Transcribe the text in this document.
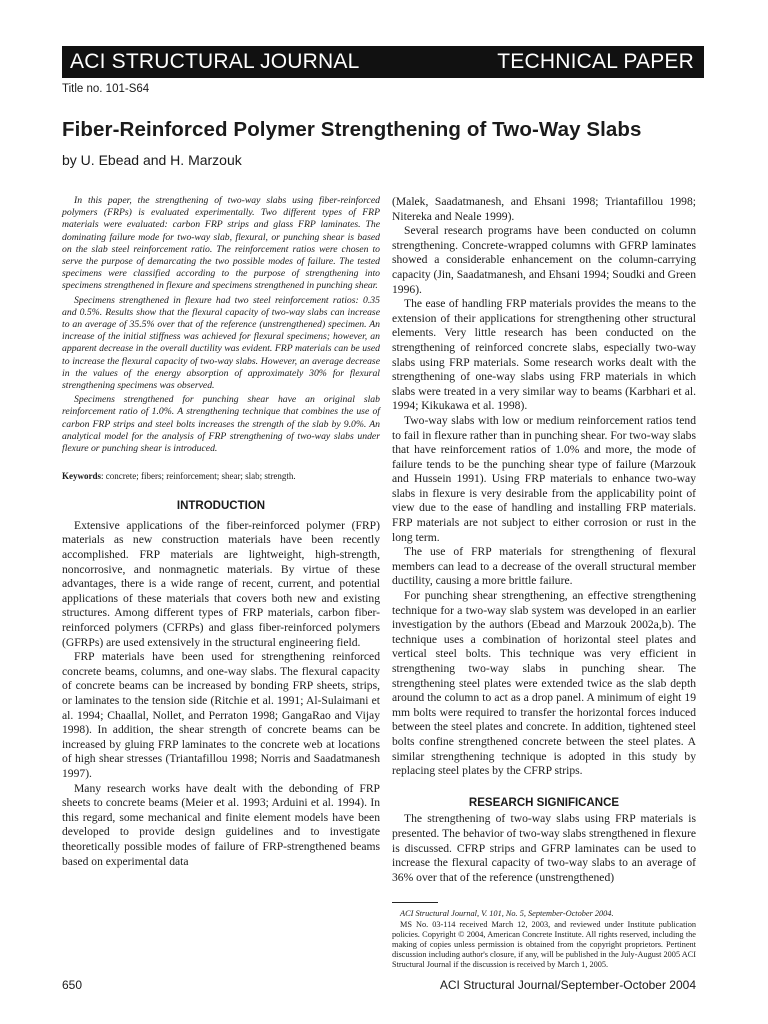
ACI STRUCTURAL JOURNAL	TECHNICAL PAPER
Title no. 101-S64
Fiber-Reinforced Polymer Strengthening of Two-Way Slabs
by U. Ebead and H. Marzouk

In this paper, the strengthening of two-way slabs using fiber-reinforced polymers (FRPs) is evaluated experimentally. Two different types of FRP materials were evaluated: carbon FRP strips and glass FRP laminates. The dominating failure mode for two-way slab, flexural, or punching shear is based on the slab steel reinforcement ratio. The reinforcement ratios were chosen to serve the purpose of demarcating the two possible modes of failure. The tested specimens were classified according to the purpose of strengthening into specimens strengthened in flexure and specimens strengthened in punching shear.

Specimens strengthened in flexure had two steel reinforcement ratios: 0.35 and 0.5%. Results show that the flexural capacity of two-way slabs can increase to an average of 35.5% over that of the reference (unstrengthened) specimen. An increase of the initial stiffness was achieved for flexural specimens; however, an apparent decrease in the overall ductility was evident. FRP materials can be used to increase the flexural capacity of two-way slabs. However, an average decrease in the values of the energy absorption of approximately 30% for flexural strengthening specimens was observed.

Specimens strengthened for punching shear have an original slab reinforcement ratio of 1.0%. A strengthening technique that combines the use of carbon FRP strips and steel bolts increases the strength of the slab by 9.0%. An analytical model for the analysis of FRP strengthening of two-way slabs under flexure or punching shear is introduced.

Keywords: concrete; fibers; reinforcement; shear; slab; strength.

INTRODUCTION

Extensive applications of the fiber-reinforced polymer (FRP) materials as new construction materials have been recently accomplished. FRP materials are lightweight, high-strength, noncorrosive, and nonmagnetic materials. By virtue of these advantages, there is a wide range of recent, current, and potential applications of these materials that covers both new and existing structures. Among different types of FRP materials, carbon fiber-reinforced polymers (CFRPs) and glass fiber-reinforced polymers (GFRPs) are used extensively in the structural engineering field.

FRP materials have been used for strengthening reinforced concrete beams, columns, and one-way slabs. The flexural capacity of concrete beams can be increased by bonding FRP sheets, strips, or laminates to the tension side (Ritchie et al. 1991; Al-Sulaimani et al. 1994; Chaallal, Nollet, and Perraton 1998; GangaRao and Vijay 1998). In addition, the shear strength of concrete beams can be increased by gluing FRP laminates to the concrete web at locations of high shear stresses (Triantafillou 1998; Norris and Saadatmanesh 1997).

Many research works have dealt with the debonding of FRP sheets to concrete beams (Meier et al. 1993; Arduini et al. 1994). In this regard, some mechanical and finite element models have been developed to provide design guidelines and to investigate theoretically possible modes of failure of FRP-strengthened beams based on experimental data

(Malek, Saadatmanesh, and Ehsani 1998; Triantafillou 1998; Nitereka and Neale 1999).

Several research programs have been conducted on column strengthening. Concrete-wrapped columns with GFRP laminates showed a considerable enhancement on the column-carrying capacity (Jin, Saadatmanesh, and Ehsani 1994; Soudki and Green 1996).

The ease of handling FRP materials provides the means to the extension of their applications for strengthening other structural elements. Very little research has been conducted on the strengthening of reinforced concrete slabs, especially two-way slabs using FRP materials. Some research works dealt with the strengthening of one-way slabs using FRP materials in which slabs were treated in a very similar way to beams (Karbhari et al. 1994; Kikukawa et al. 1998).

Two-way slabs with low or medium reinforcement ratios tend to fail in flexure rather than in punching shear. For two-way slabs that have reinforcement ratios of 1.0% and more, the mode of failure tends to be the punching shear type of failure (Marzouk and Hussein 1991). Using FRP materials to enhance two-way slabs in flexure is very desirable from the applicability point of view due to the ease of handling and installing FRP materials. FRP materials are not subject to either corrosion or rust in the long term.

The use of FRP materials for strengthening of flexural members can lead to a decrease of the overall structural member ductility, causing a more brittle failure.

For punching shear strengthening, an effective strengthening technique for a two-way slab system was developed in an earlier investigation by the authors (Ebead and Marzouk 2002a,b). The technique uses a combination of horizontal steel plates and vertical steel bolts. This technique was very efficient in strengthening two-way slabs in punching shear. The strengthening steel plates were extended twice as the slab depth around the column to act as a drop panel. A minimum of eight 19 mm bolts were required to transfer the horizontal forces induced between the steel plates and concrete. In addition, tightened steel bolts confine strengthened concrete between the steel plates. A similar strengthening technique is adopted in this study by replacing steel plates by the CFRP strips.

RESEARCH SIGNIFICANCE

The strengthening of two-way slabs using FRP materials is presented. The behavior of two-way slabs strengthened in flexure is discussed. CFRP strips and GFRP laminates can be used to increase the flexural capacity of two-way slabs to an average of 36% over that of the reference (unstrengthened)

ACI Structural Journal, V. 101, No. 5, September-October 2004.

MS No. 03-114 received March 12, 2003, and reviewed under Institute publication policies. Copyright © 2004, American Concrete Institute. All rights reserved, including the making of copies unless permission is obtained from the copyright proprietors. Pertinent discussion including author's closure, if any, will be published in the July-August 2005 ACI Structural Journal if the discussion is received by March 1, 2005.

650	ACI Structural Journal/September-October 2004
